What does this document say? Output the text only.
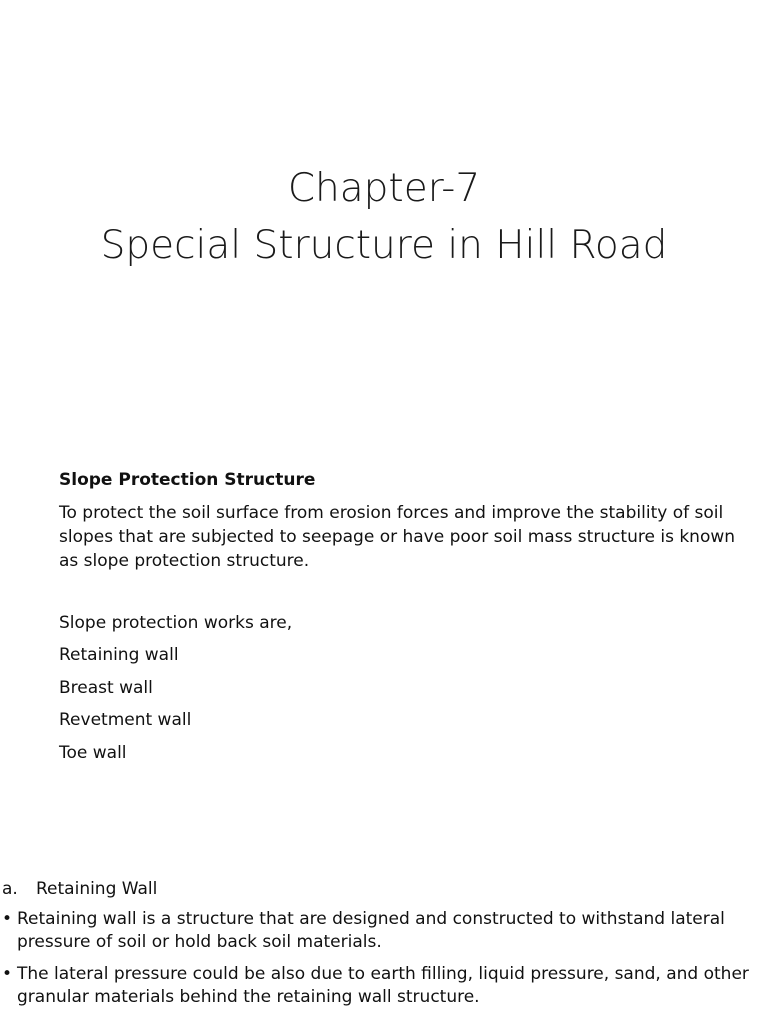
Chapter-7
Special Structure in Hill Road

Slope Protection Structure

To protect the soil surface from erosion forces and improve the stability of soil slopes that are subjected to seepage or have poor soil mass structure is known as slope protection structure.

Slope protection works are,

Retaining wall
Breast wall
Revetment wall
Toe wall

a. Retaining Wall

• Retaining wall is a structure that are designed and constructed to withstand lateral pressure of soil or hold back soil materials.
• The lateral pressure could be also due to earth filling, liquid pressure, sand, and other granular materials behind the retaining wall structure.
